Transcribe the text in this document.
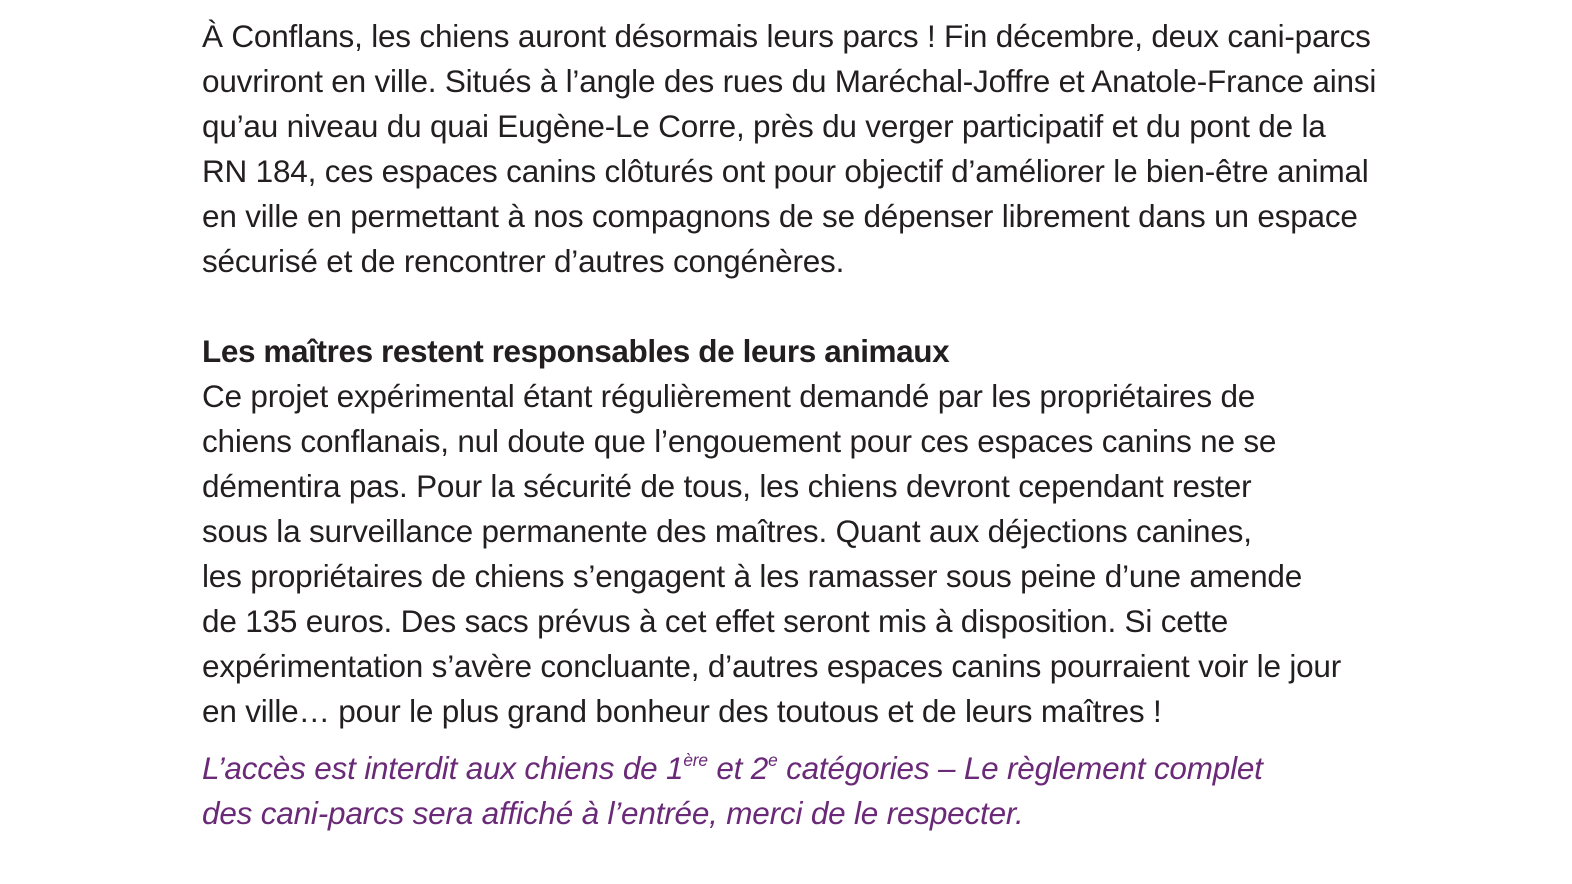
À Conflans, les chiens auront désormais leurs parcs ! Fin décembre, deux cani-parcs
ouvriront en ville. Situés à l’angle des rues du Maréchal-Joffre et Anatole-France ainsi
qu’au niveau du quai Eugène-Le Corre, près du verger participatif et du pont de la
RN 184, ces espaces canins clôturés ont pour objectif d’améliorer le bien-être animal
en ville en permettant à nos compagnons de se dépenser librement dans un espace
sécurisé et de rencontrer d’autres congénères.
Les maîtres restent responsables de leurs animaux
Ce projet expérimental étant régulièrement demandé par les propriétaires de
chiens conflanais, nul doute que l’engouement pour ces espaces canins ne se
démentira pas. Pour la sécurité de tous, les chiens devront cependant rester
sous la surveillance permanente des maîtres. Quant aux déjections canines,
les propriétaires de chiens s’engagent à les ramasser sous peine d’une amende
de 135 euros. Des sacs prévus à cet effet seront mis à disposition. Si cette
expérimentation s’avère concluante, d’autres espaces canins pourraient voir le jour
en ville… pour le plus grand bonheur des toutous et de leurs maîtres !
L’accès est interdit aux chiens de 1ère et 2e catégories – Le règlement complet
des cani-parcs sera affiché à l’entrée, merci de le respecter.
